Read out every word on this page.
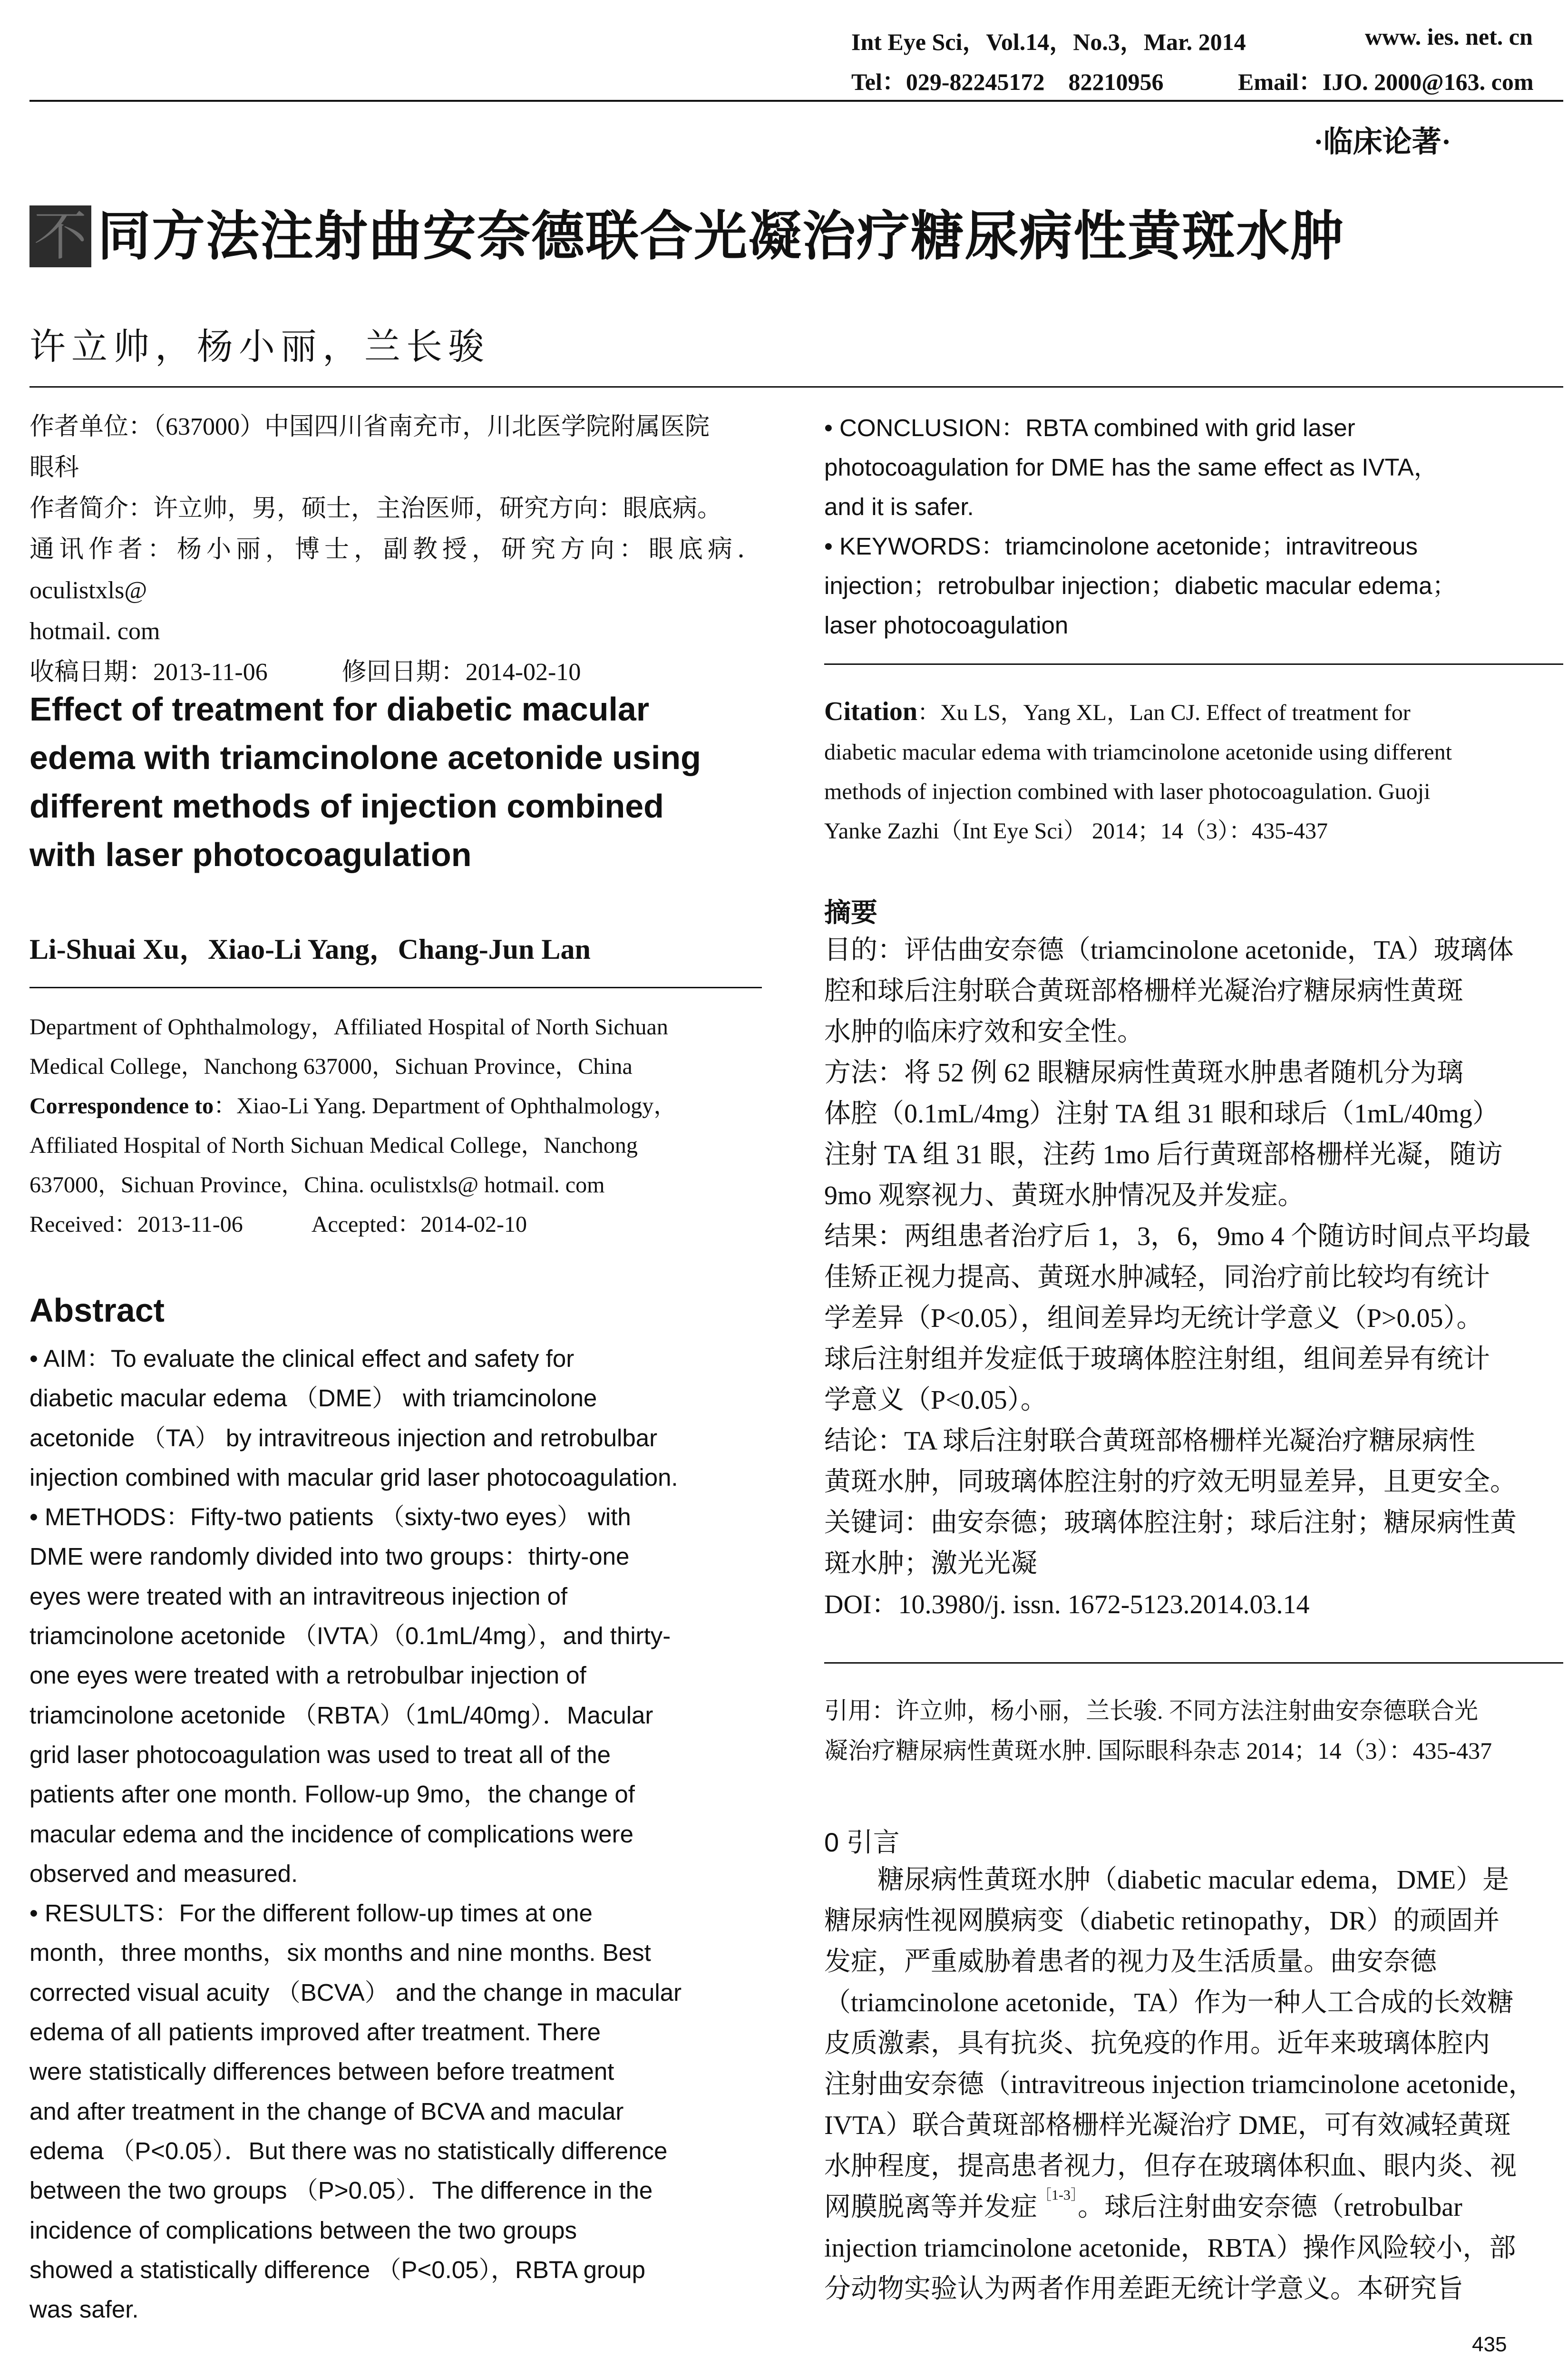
Int Eye Sci，Vol.14，No.3，Mar. 2014	www. ies. net. cn
Tel：029-82245172　82210956	Email：IJO. 2000@163. com
·临床论著·
不 同方法注射曲安奈德联合光凝治疗糖尿病性黄斑水肿
许立帅，杨小丽，兰长骏

作者单位：（637000）中国四川省南充市，川北医学院附属医院

眼科

作者简介：许立帅，男，硕士，主治医师，研究方向：眼底病。

通讯作者：杨小丽，博士，副教授，研究方向：眼底病． oculistxls@

hotmail. com

收稿日期：2013-11-06　　　修回日期：2014-02-10

Effect of treatment for diabetic macular
edema with triamcinolone acetonide using
different methods of injection combined
with laser photocoagulation
Li-Shuai Xu，Xiao-Li Yang，Chang-Jun Lan
Department of Ophthalmology，Affiliated Hospital of North Sichuan
Medical College，Nanchong 637000，Sichuan Province，China
Correspondence to：Xiao-Li Yang. Department of Ophthalmology，
Affiliated Hospital of North Sichuan Medical College，Nanchong
637000，Sichuan Province，China. oculistxls@ hotmail. com
Received：2013-11-06　　　Accepted：2014-02-10
Abstract
• AIM：To evaluate the clinical effect and safety for
diabetic macular edema （DME） with triamcinolone
acetonide （TA） by intravitreous injection and retrobulbar
injection combined with macular grid laser photocoagulation.
• METHODS：Fifty-two patients （sixty-two eyes） with
DME were randomly divided into two groups：thirty-one
eyes were treated with an intravitreous injection of
triamcinolone acetonide （IVTA）（0.1mL/4mg），and thirty-
one eyes were treated with a retrobulbar injection of
triamcinolone acetonide （RBTA）（1mL/40mg）．Macular
grid laser photocoagulation was used to treat all of the
patients after one month. Follow-up 9mo，the change of
macular edema and the incidence of complications were
observed and measured.
• RESULTS：For the different follow-up times at one
month，three months，six months and nine months. Best
corrected visual acuity （BCVA） and the change in macular
edema of all patients improved after treatment. There
were statistically differences between before treatment
and after treatment in the change of BCVA and macular
edema （P<0.05）．But there was no statistically difference
between the two groups （P>0.05）．The difference in the
incidence of complications between the two groups
showed a statistically difference （P<0.05），RBTA group
was safer.
• CONCLUSION：RBTA combined with grid laser
photocoagulation for DME has the same effect as IVTA，
and it is safer.
• KEYWORDS：triamcinolone acetonide；intravitreous
injection；retrobulbar injection；diabetic macular edema；
laser photocoagulation
Citation：Xu LS，Yang XL，Lan CJ. Effect of treatment for
diabetic macular edema with triamcinolone acetonide using different
methods of injection combined with laser photocoagulation. Guoji
Yanke Zazhi（Int Eye Sci） 2014；14（3）：435-437
摘要
目的：评估曲安奈德（triamcinolone acetonide，TA）玻璃体
腔和球后注射联合黄斑部格栅样光凝治疗糖尿病性黄斑
水肿的临床疗效和安全性。
方法：将 52 例 62 眼糖尿病性黄斑水肿患者随机分为璃
体腔（0.1mL/4mg）注射 TA 组 31 眼和球后（1mL/40mg）
注射 TA 组 31 眼，注药 1mo 后行黄斑部格栅样光凝，随访
9mo 观察视力、黄斑水肿情况及并发症。
结果：两组患者治疗后 1，3，6，9mo 4 个随访时间点平均最
佳矫正视力提高、黄斑水肿减轻，同治疗前比较均有统计
学差异（P<0.05），组间差异均无统计学意义（P>0.05）。
球后注射组并发症低于玻璃体腔注射组，组间差异有统计
学意义（P<0.05）。
结论：TA 球后注射联合黄斑部格栅样光凝治疗糖尿病性
黄斑水肿，同玻璃体腔注射的疗效无明显差异，且更安全。
关键词：曲安奈德；玻璃体腔注射；球后注射；糖尿病性黄
斑水肿；激光光凝
DOI：10.3980/j. issn. 1672-5123.2014.03.14
引用：许立帅，杨小丽，兰长骏. 不同方法注射曲安奈德联合光
凝治疗糖尿病性黄斑水肿. 国际眼科杂志 2014；14（3）：435-437
0 引言
　　糖尿病性黄斑水肿（diabetic macular edema，DME）是
糖尿病性视网膜病变（diabetic retinopathy，DR）的顽固并
发症，严重威胁着患者的视力及生活质量。曲安奈德
（triamcinolone acetonide，TA）作为一种人工合成的长效糖
皮质激素，具有抗炎、抗免疫的作用。近年来玻璃体腔内
注射曲安奈德（intravitreous injection triamcinolone acetonide，
IVTA）联合黄斑部格栅样光凝治疗 DME，可有效减轻黄斑
水肿程度，提高患者视力，但存在玻璃体积血、眼内炎、视
网膜脱离等并发症$^{[1-3]}$。球后注射曲安奈德（retrobulbar
injection triamcinolone acetonide，RBTA）操作风险较小，部
分动物实验认为两者作用差距无统计学意义。本研究旨
435
